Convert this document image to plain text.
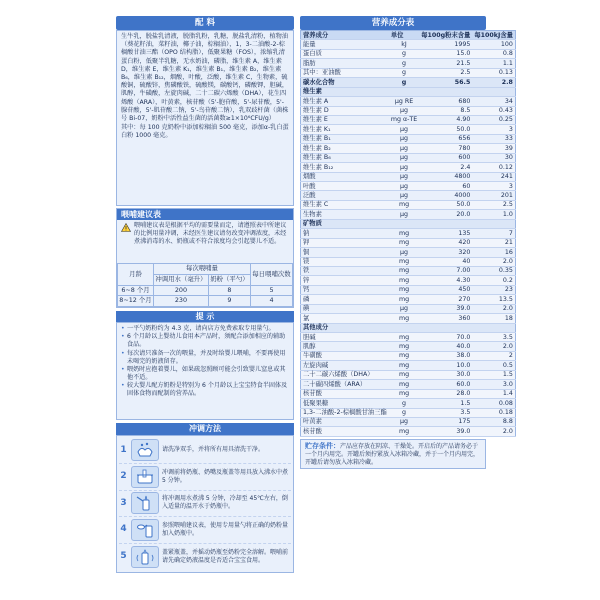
配 料

生牛乳，脱盐乳清液，脱脂乳粉，乳糖，脱盐乳清粉，植物油（葵花籽油，菜籽油，椰子油，棕榈油），1，3-二油酸-2-棕榈酸甘油三酯（OPO 结构脂），低聚果糖（FOS），浓缩乳清蛋白粉，低聚半乳糖，无水奶油，磷脂，维生素 A，维生素 D，维生素 E，维生素 K₁，维生素 B₁，维生素 B₂，维生素 B₆，维生素 B₁₂，烟酸，叶酸，泛酸，维生素 C，生物素，硫酸铜，硫酸锌，焦磷酸铁，硫酸镁，碳酸钙，磷酸钾，胆碱，肌醇，牛磺酸，左旋肉碱，二十二碳六烯酸（DHA），花生四烯酸（ARA），叶黄素，核苷酸（5'-胞苷酸，5'-尿苷酸，5'-腺苷酸，5'-肌苷酸二钠，5'-鸟苷酸二钠），乳双歧杆菌（菌株号 Bi-07，奶粉中活性益生菌的活菌数≥1×10⁶CFU/g）

其中：每 100 克奶粉中添加棕榈油 500 毫克，添加α-乳白蛋白粉 1000 毫克。

喂哺建议表
喂哺建议表是根据平均的需要量而定，请遵照表中所建议的比例用量冲调，未经医生建议请勿改变冲调浓度，未经煮沸消毒的水、奶瓶或不符合浓度均会引起婴儿不适。
月龄	每次喂哺量		每日喂哺次数
	冲调用水（毫升）	奶粉（平勺）	
6~8 个月	200	8	5
8~12 个月	230	9	4
提 示
• 一平勺奶粉约为 4.3 克，请向店方免费索取专用量勺。
• 6 个月龄以上婴幼儿食用本产品时，须配合添加相应的辅助食品。
• 每次请只准备一次的喂量，并及时给婴儿喂哺，不要再使用未喝完的奶液留存。
• 喂奶时应抱着婴儿，如果疏忽照顾可能会引致婴儿窒息或其他不适。
• 较大婴儿配方奶粉是特别为 6 个月龄以上宝宝特食半固体及固体食物而配制的营养品。
冲调方法
1	请洗净双手，并将所有用具清洗干净。
2	冲调前将奶瓶、奶嘴及瓶盖等用具放入沸水中煮 5 分钟。
3	将冲调用水煮沸 5 分钟，冷却至 45℃左右，倒入适量的温开水于奶瓶中。
4	参照喂哺建议表，使用专用量勺将正确的奶粉量加入奶瓶中。
5	盖紧瓶盖，并摇动奶瓶至奶粉完全溶解。喂哺前请先确定奶液温度是否适合宝宝食用。
营养成分表
营养成分	单位	每100g粉末含量	每100kJ含量
能量	kJ	1995	100
蛋白质	g	15.0	0.8
脂肪	g	21.5	1.1
其中：亚油酸	g	2.5	0.13
碳水化合物	g	56.5	2.8
维生素			
维生素 A	μg RE	680	34
维生素 D	μg	8.5	0.43
维生素 E	mg α-TE	4.90	0.25
维生素 K₁	μg	50.0	3
维生素 B₁	μg	656	33
维生素 B₂	μg	780	39
维生素 B₆	μg	600	30
维生素 B₁₂	μg	2.4	0.12
烟酸	μg	4800	241
叶酸	μg	60	3
泛酸	μg	4000	201
维生素 C	mg	50.0	2.5
生物素	μg	20.0	1.0
矿物质			
钠	mg	135	7
钾	mg	420	21
铜	μg	320	16
镁	mg	40	2.0
铁	mg	7.00	0.35
锌	mg	4.30	0.2
钙	mg	450	23
磷	mg	270	13.5
碘	μg	39.0	2.0
氯	mg	360	18
其他成分			
胆碱	mg	70.0	3.5
肌醇	mg	40.0	2.0
牛磺酸	mg	38.0	2
左旋肉碱	mg	10.0	0.5
二十二碳六烯酸（DHA）	mg	30.0	1.5
二十碳四烯酸（ARA）	mg	60.0	3.0
核苷酸	mg	28.0	1.4
低聚果糖	g	1.5	0.08
1,3-二油酸-2-棕榈酸甘油三酯	g	3.5	0.18
叶黄素	μg	175	8.8
核苷酸	mg	39.0	2.0
贮存条件：产品应存放在阴凉、干燥处。开启后的产品请务必于一个月内用完。开罐后须拧紧放入冰箱冷藏，并于一个月内用完，开罐后请勿放入冰箱冷藏。
